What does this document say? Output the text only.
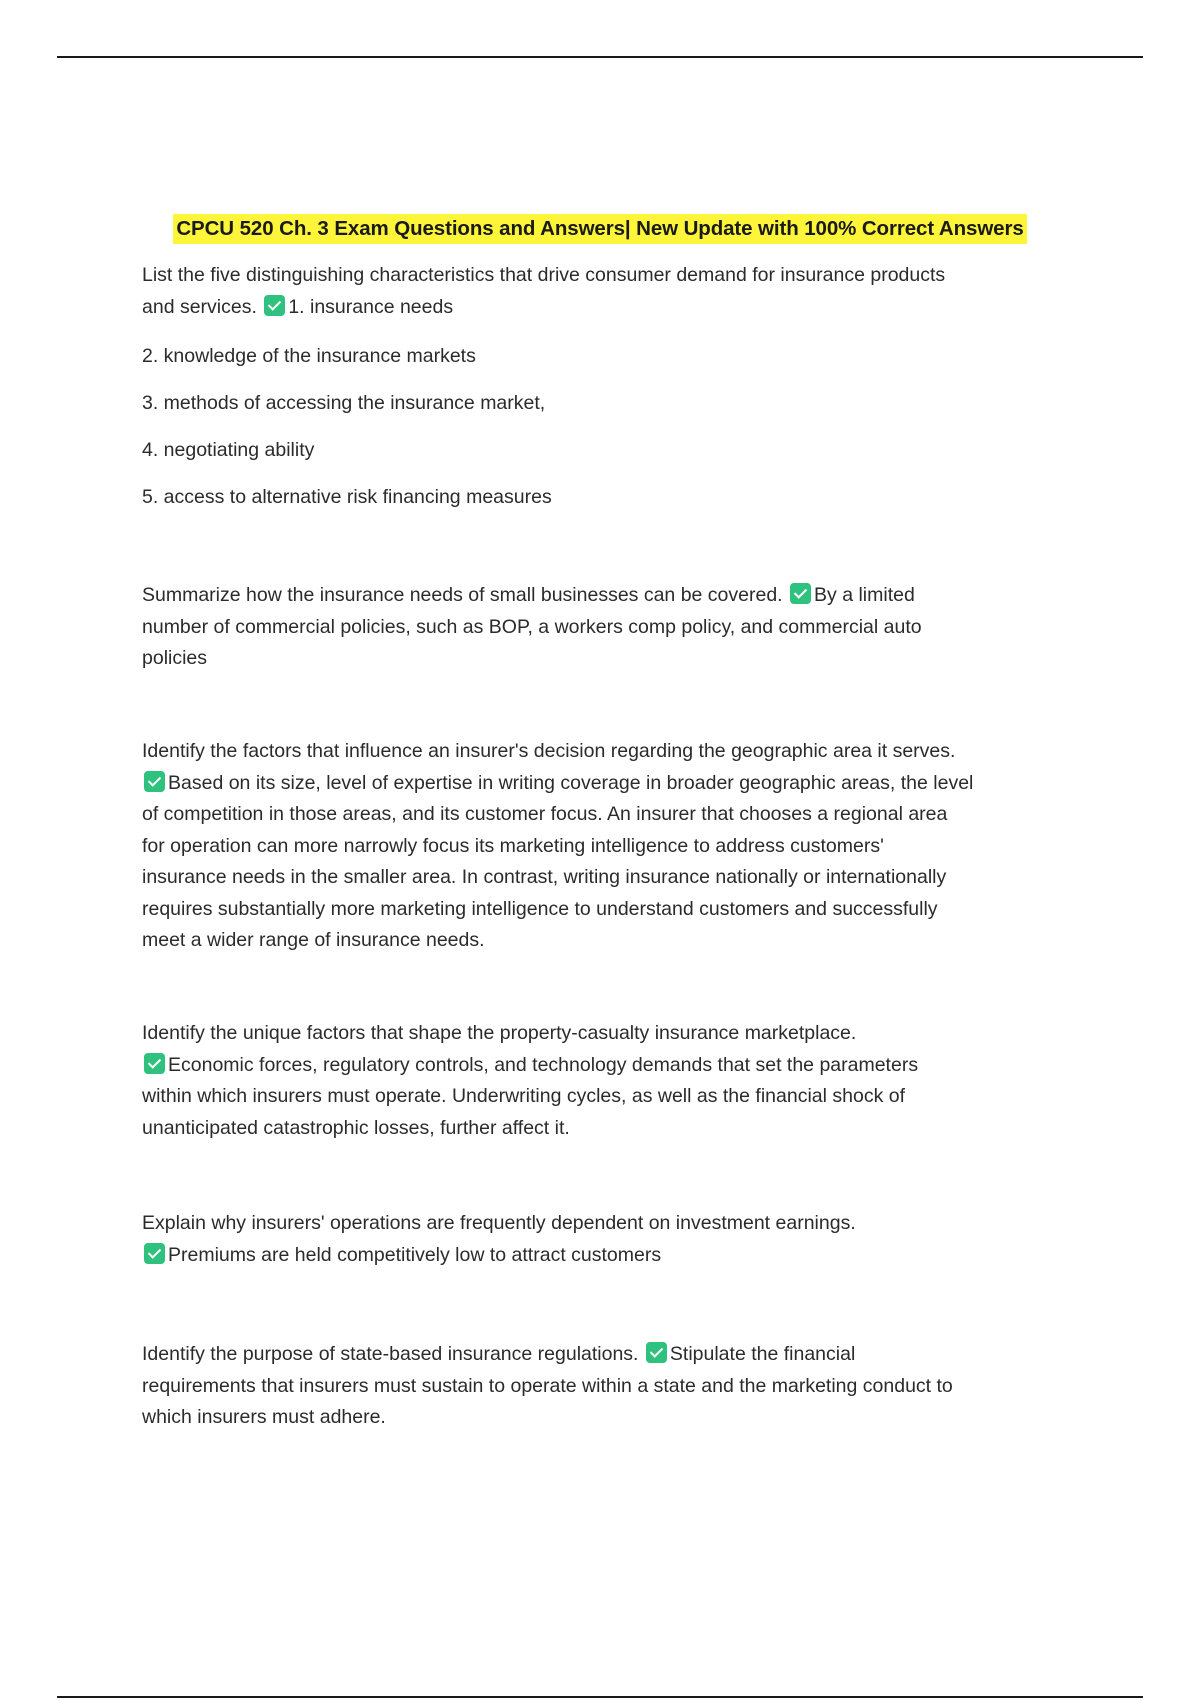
CPCU 520 Ch. 3 Exam Questions and Answers| New Update with 100% Correct Answers
List the five distinguishing characteristics that drive consumer demand for insurance products
and services. 1. insurance needs
2. knowledge of the insurance markets
3. methods of accessing the insurance market,
4. negotiating ability
5. access to alternative risk financing measures
Summarize how the insurance needs of small businesses can be covered. By a limited
number of commercial policies, such as BOP, a workers comp policy, and commercial auto
policies
Identify the factors that influence an insurer's decision regarding the geographic area it serves.
Based on its size, level of expertise in writing coverage in broader geographic areas, the level
of competition in those areas, and its customer focus. An insurer that chooses a regional area
for operation can more narrowly focus its marketing intelligence to address customers'
insurance needs in the smaller area. In contrast, writing insurance nationally or internationally
requires substantially more marketing intelligence to understand customers and successfully
meet a wider range of insurance needs.
Identify the unique factors that shape the property-casualty insurance marketplace.
Economic forces, regulatory controls, and technology demands that set the parameters
within which insurers must operate. Underwriting cycles, as well as the financial shock of
unanticipated catastrophic losses, further affect it.
Explain why insurers' operations are frequently dependent on investment earnings.
Premiums are held competitively low to attract customers
Identify the purpose of state-based insurance regulations. Stipulate the financial
requirements that insurers must sustain to operate within a state and the marketing conduct to
which insurers must adhere.
